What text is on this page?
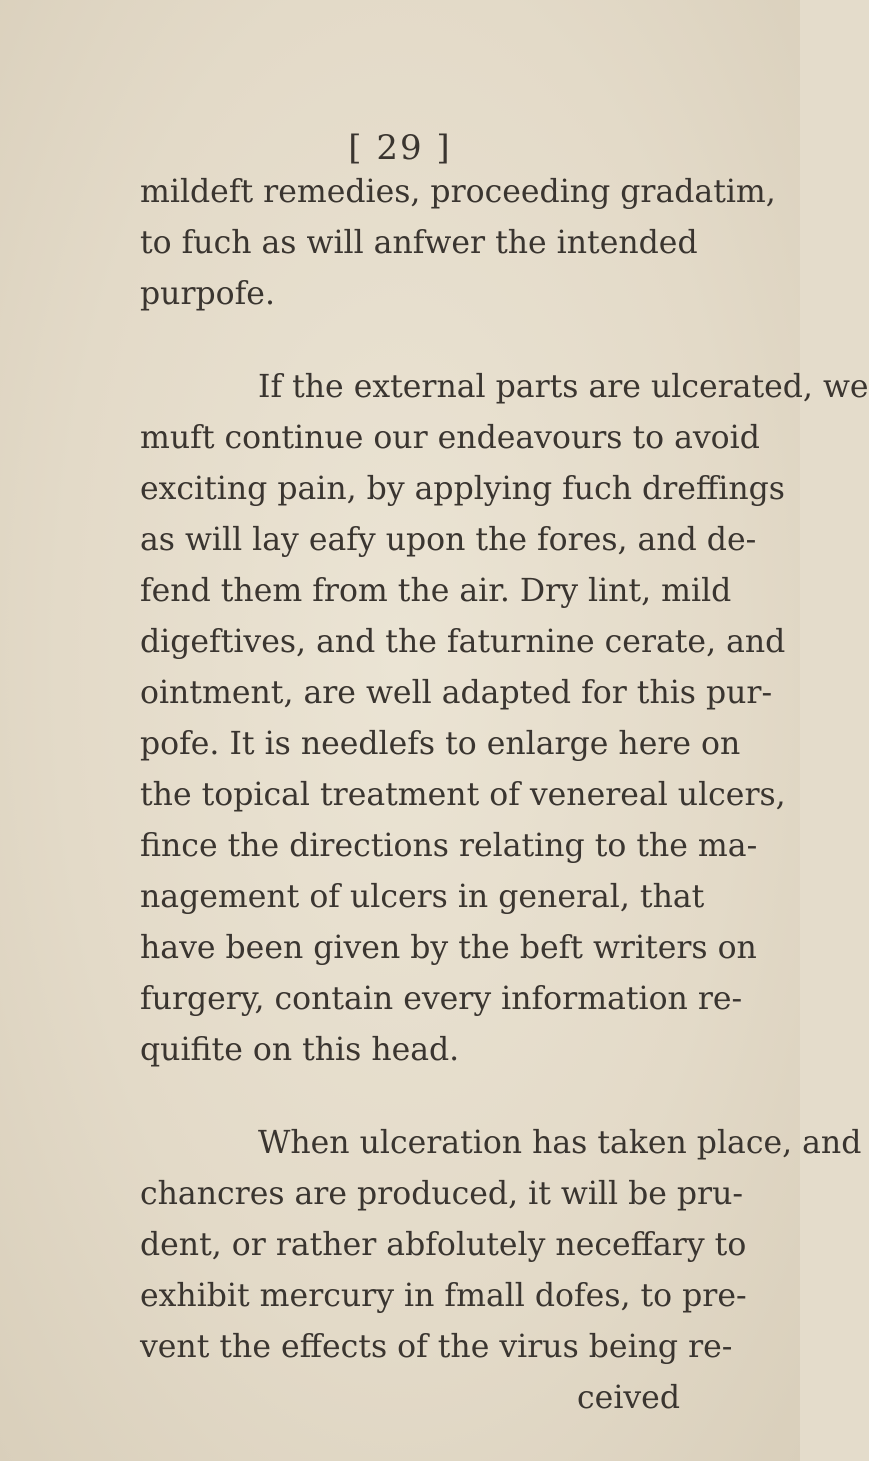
[ 29 ]
mildeft remedies, proceeding gradatim,
to fuch as will anfwer the intended
purpofe.
If the external parts are ulcerated, we
muft continue our endeavours to avoid
exciting pain, by applying fuch dreffings
as will lay eafy upon the fores, and de-
fend them from the air. Dry lint, mild
digeftives, and the faturnine cerate, and
ointment, are well adapted for this pur-
pofe. It is needlefs to enlarge here on
the topical treatment of venereal ulcers,
fince the directions relating to the ma-
nagement of ulcers in general, that
have been given by the beft writers on
furgery, contain every information re-
quifite on this head.
When ulceration has taken place, and
chancres are produced, it will be pru-
dent, or rather abfolutely neceffary to
exhibit mercury in fmall dofes, to pre-
vent the effects of the virus being re-
ceived
